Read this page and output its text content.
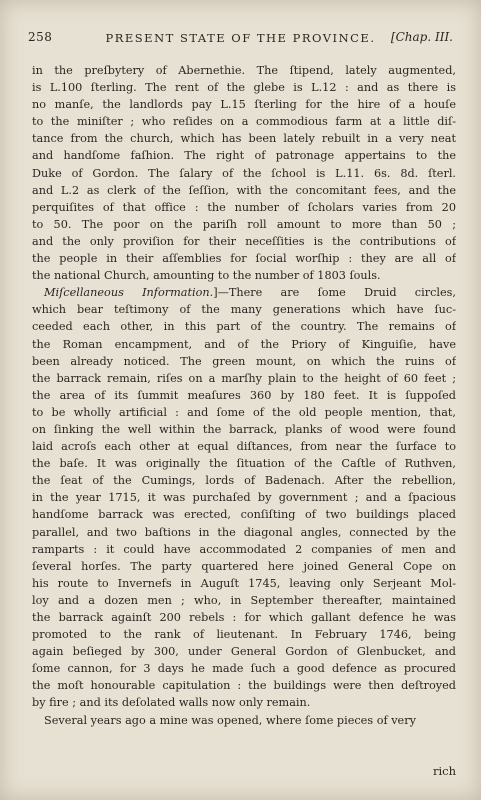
258	PRESENT STATE OF THE PROVINCE.	[Chap. III.
in the preſbytery of Abernethie. The ſtipend, lately augmented,
is L.100 ſterling. The rent of the glebe is L.12 : and as there is
no manſe, the landlords pay L.15 ſterling for the hire of a houſe
to the miniſter ; who reſides on a commodious farm at a little diſ-
tance from the church, which has been lately rebuilt in a very neat
and handſome faſhion. The right of patronage appertains to the
Duke of Gordon. The ſalary of the ſchool is L.11. 6s. 8d. ſterl.
and L.2 as clerk of the ſeſſion, with the concomitant fees, and the
perquiſites of that office : the number of ſcholars varies from 20
to 50. The poor on the pariſh roll amount to more than 50 ;
and the only proviſion for their neceſſities is the contributions of
the people in their aſſemblies for ſocial worſhip : they are all of
the national Church, amounting to the number of 1803 ſouls.
Miſcellaneous Information.]—There are ſome Druid circles,
which bear teſtimony of the many generations which have ſuc-
ceeded each other, in this part of the country. The remains of
the Roman encampment, and of the Priory of Kinguiſie, have
been already noticed. The green mount, on which the ruins of
the barrack remain, riſes on a marſhy plain to the height of 60 feet ;
the area of its ſummit meaſures 360 by 180 feet. It is ſuppoſed
to be wholly artificial : and ſome of the old people mention, that,
on ſinking the well within the barrack, planks of wood were found
laid acroſs each other at equal diſtances, from near the ſurface to
the baſe. It was originally the ſituation of the Caſtle of Ruthven,
the ſeat of the Cumings, lords of Badenach. After the rebellion,
in the year 1715, it was purchaſed by government ; and a ſpacious
handſome barrack was erected, conſiſting of two buildings placed
parallel, and two baſtions in the diagonal angles, connected by the
ramparts : it could have accommodated 2 companies of men and
ſeveral horſes. The party quartered here joined General Cope on
his route to Invernefs in Auguſt 1745, leaving only Serjeant Mol-
loy and a dozen men ; who, in September thereafter, maintained
the barrack againſt 200 rebels : for which gallant defence he was
promoted to the rank of lieutenant. In February 1746, being
again beſieged by 300, under General Gordon of Glenbucket, and
ſome cannon, for 3 days he made ſuch a good defence as procured
the moſt honourable capitulation : the buildings were then deſtroyed
by fire ; and its deſolated walls now only remain.
Several years ago a mine was opened, where ſome pieces of very
rich
